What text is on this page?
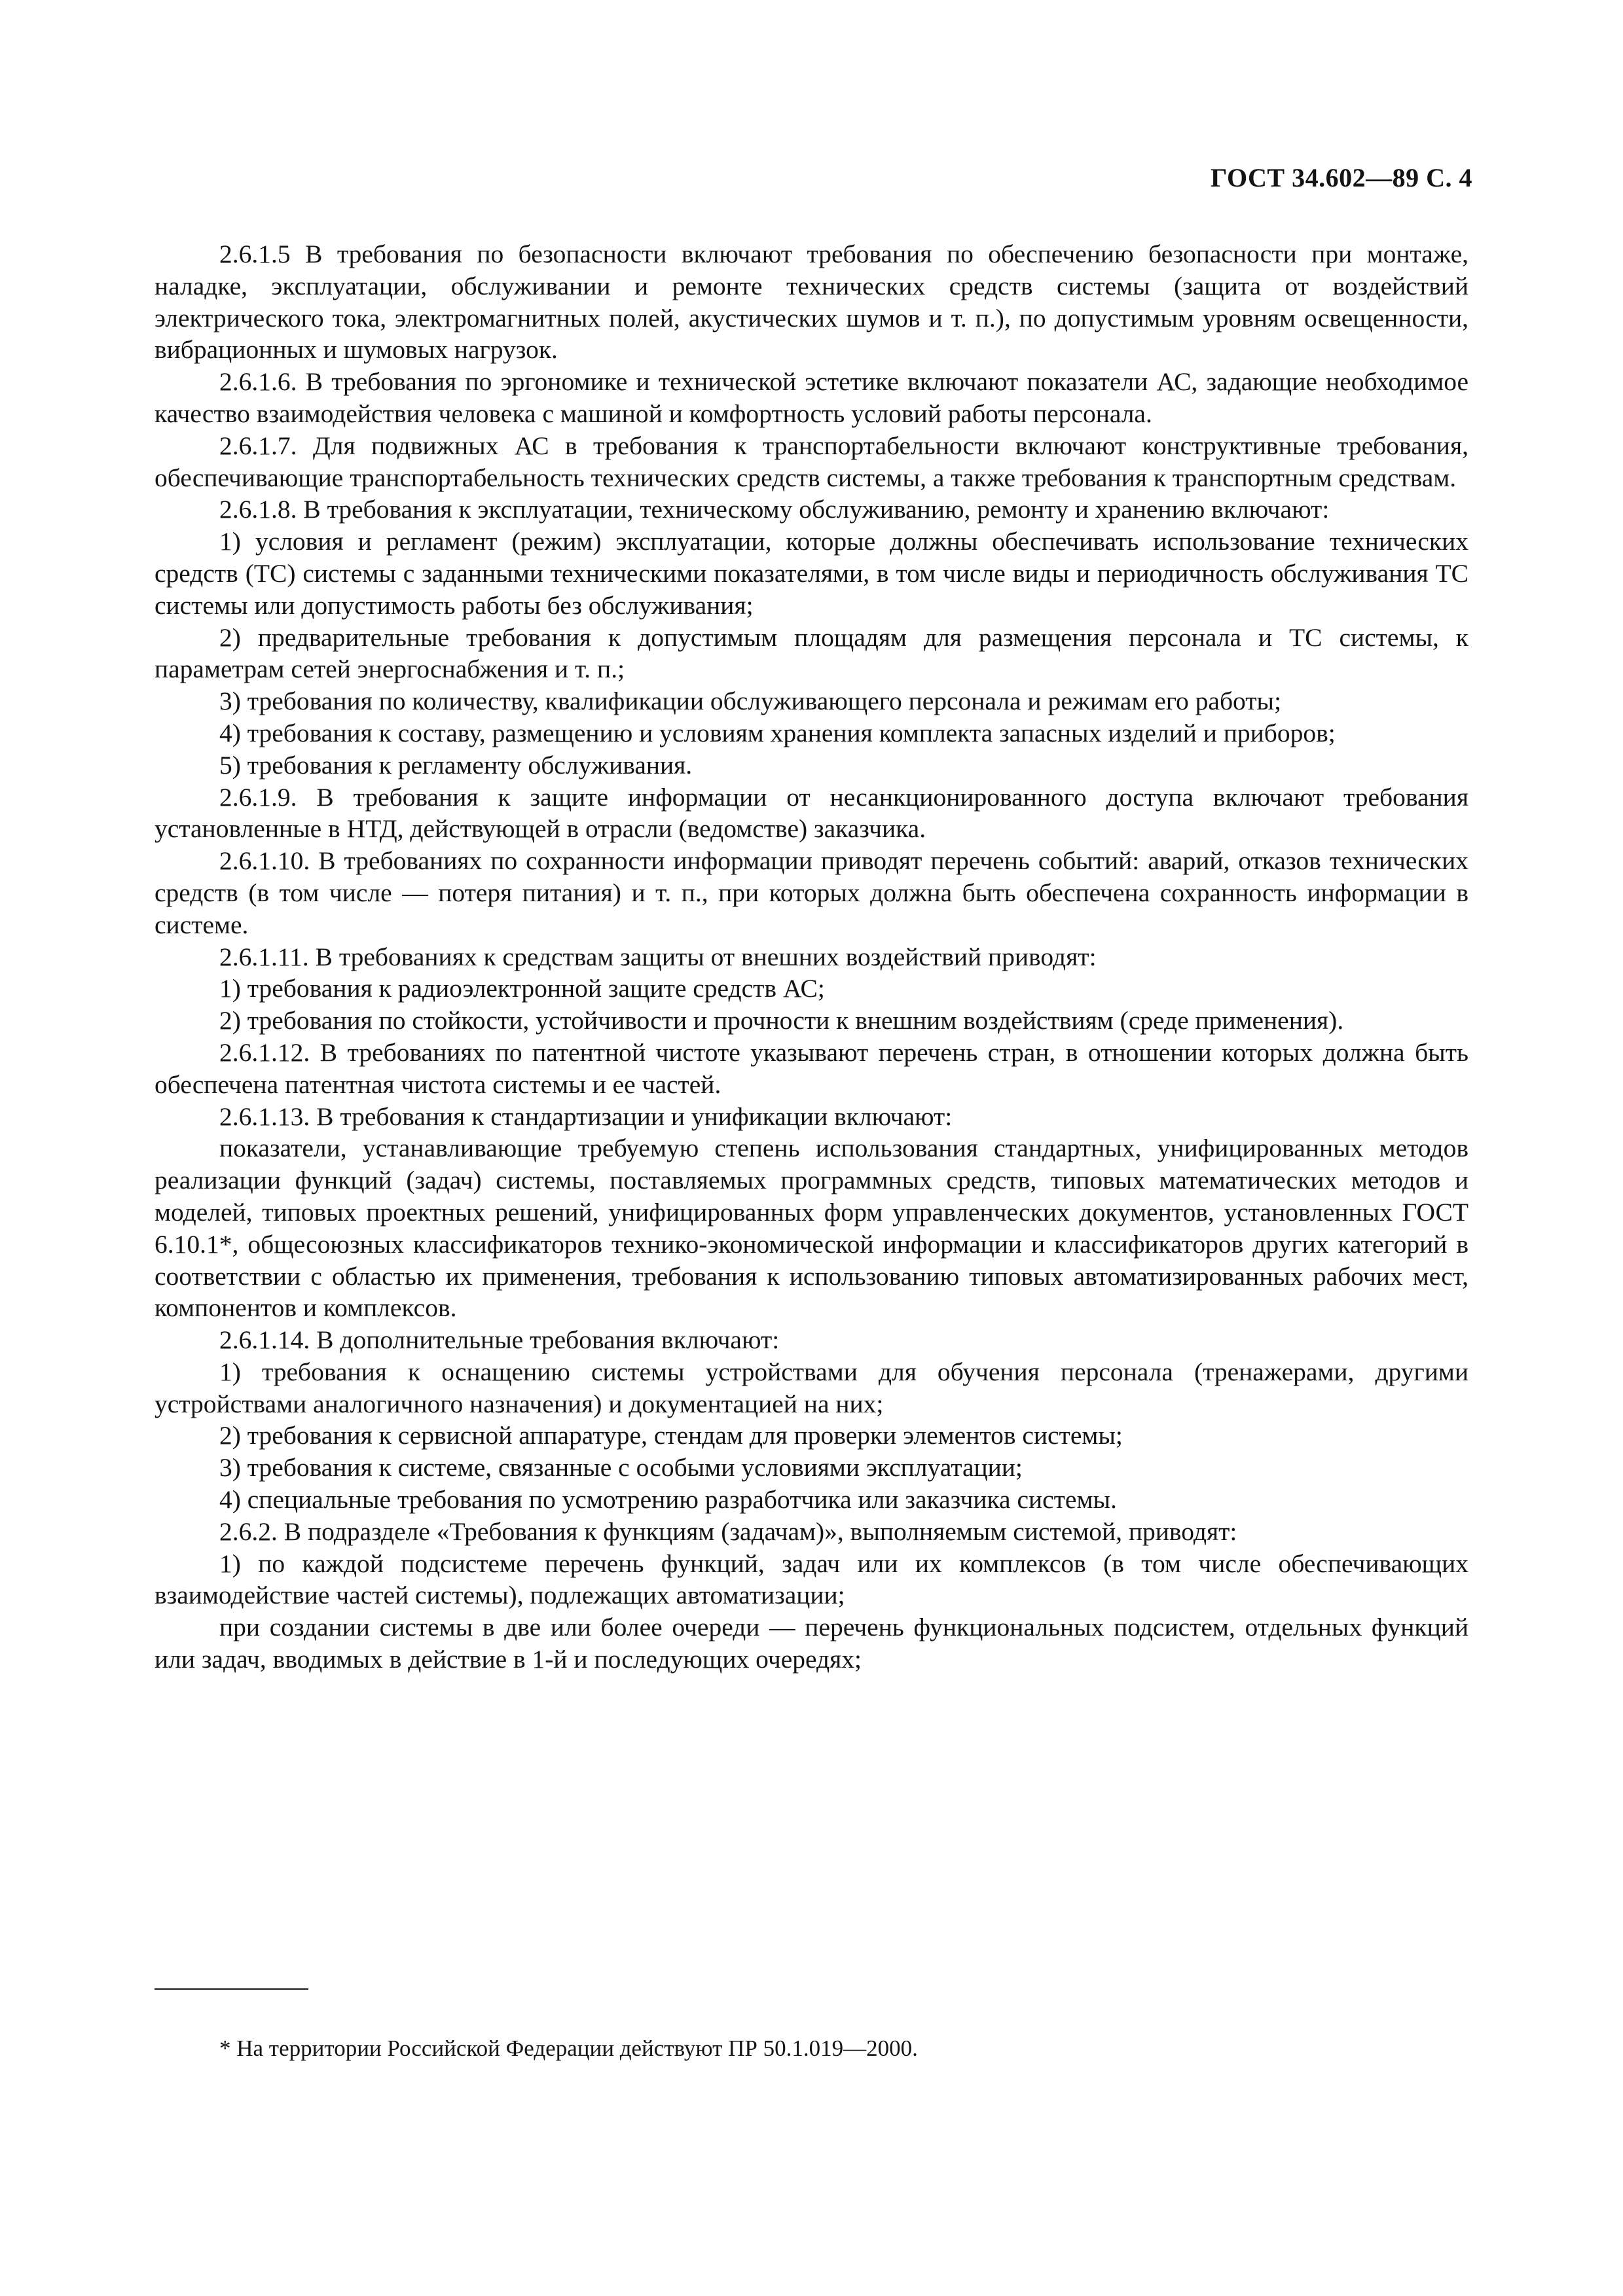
ГОСТ 34.602—89 С. 4

2.6.1.5 В требования по безопасности включают требования по обеспечению безопасности при монтаже, наладке, эксплуатации, обслуживании и ремонте технических средств системы (защита от воздействий электрического тока, электромагнитных полей, акустических шумов и т. п.), по допустимым уровням освещенности, вибрационных и шумовых нагрузок.

2.6.1.6. В требования по эргономике и технической эстетике включают показатели АС, задающие необходимое качество взаимодействия человека с машиной и комфортность условий работы персонала.

2.6.1.7. Для подвижных АС в требования к транспортабельности включают конструктивные требования, обеспечивающие транспортабельность технических средств системы, а также требования к транспортным средствам.

2.6.1.8. В требования к эксплуатации, техническому обслуживанию, ремонту и хранению включают:

1) условия и регламент (режим) эксплуатации, которые должны обеспечивать использование технических средств (ТС) системы с заданными техническими показателями, в том числе виды и периодичность обслуживания ТС системы или допустимость работы без обслуживания;

2) предварительные требования к допустимым площадям для размещения персонала и ТС системы, к параметрам сетей энергоснабжения и т. п.;

3) требования по количеству, квалификации обслуживающего персонала и режимам его работы;

4) требования к составу, размещению и условиям хранения комплекта запасных изделий и приборов;

5) требования к регламенту обслуживания.

2.6.1.9. В требования к защите информации от несанкционированного доступа включают требования установленные в НТД, действующей в отрасли (ведомстве) заказчика.

2.6.1.10. В требованиях по сохранности информации приводят перечень событий: аварий, отказов технических средств (в том числе — потеря питания) и т. п., при которых должна быть обеспечена сохранность информации в системе.

2.6.1.11. В требованиях к средствам защиты от внешних воздействий приводят:

1) требования к радиоэлектронной защите средств АС;

2) требования по стойкости, устойчивости и прочности к внешним воздействиям (среде применения).

2.6.1.12. В требованиях по патентной чистоте указывают перечень стран, в отношении которых должна быть обеспечена патентная чистота системы и ее частей.

2.6.1.13. В требования к стандартизации и унификации включают:

показатели, устанавливающие требуемую степень использования стандартных, унифицированных методов реализации функций (задач) системы, поставляемых программных средств, типовых математических методов и моделей, типовых проектных решений, унифицированных форм управленческих документов, установленных ГОСТ 6.10.1*, общесоюзных классификаторов технико-экономической информации и классификаторов других категорий в соответствии с областью их применения, требования к использованию типовых автоматизированных рабочих мест, компонентов и комплексов.

2.6.1.14. В дополнительные требования включают:

1) требования к оснащению системы устройствами для обучения персонала (тренажерами, другими устройствами аналогичного назначения) и документацией на них;

2) требования к сервисной аппаратуре, стендам для проверки элементов системы;

3) требования к системе, связанные с особыми условиями эксплуатации;

4) специальные требования по усмотрению разработчика или заказчика системы.

2.6.2. В подразделе «Требования к функциям (задачам)», выполняемым системой, приводят:

1) по каждой подсистеме перечень функций, задач или их комплексов (в том числе обеспечивающих взаимодействие частей системы), подлежащих автоматизации;

при создании системы в две или более очереди — перечень функциональных подсистем, отдельных функций или задач, вводимых в действие в 1-й и последующих очередях;

* На территории Российской Федерации действуют ПР 50.1.019—2000.
